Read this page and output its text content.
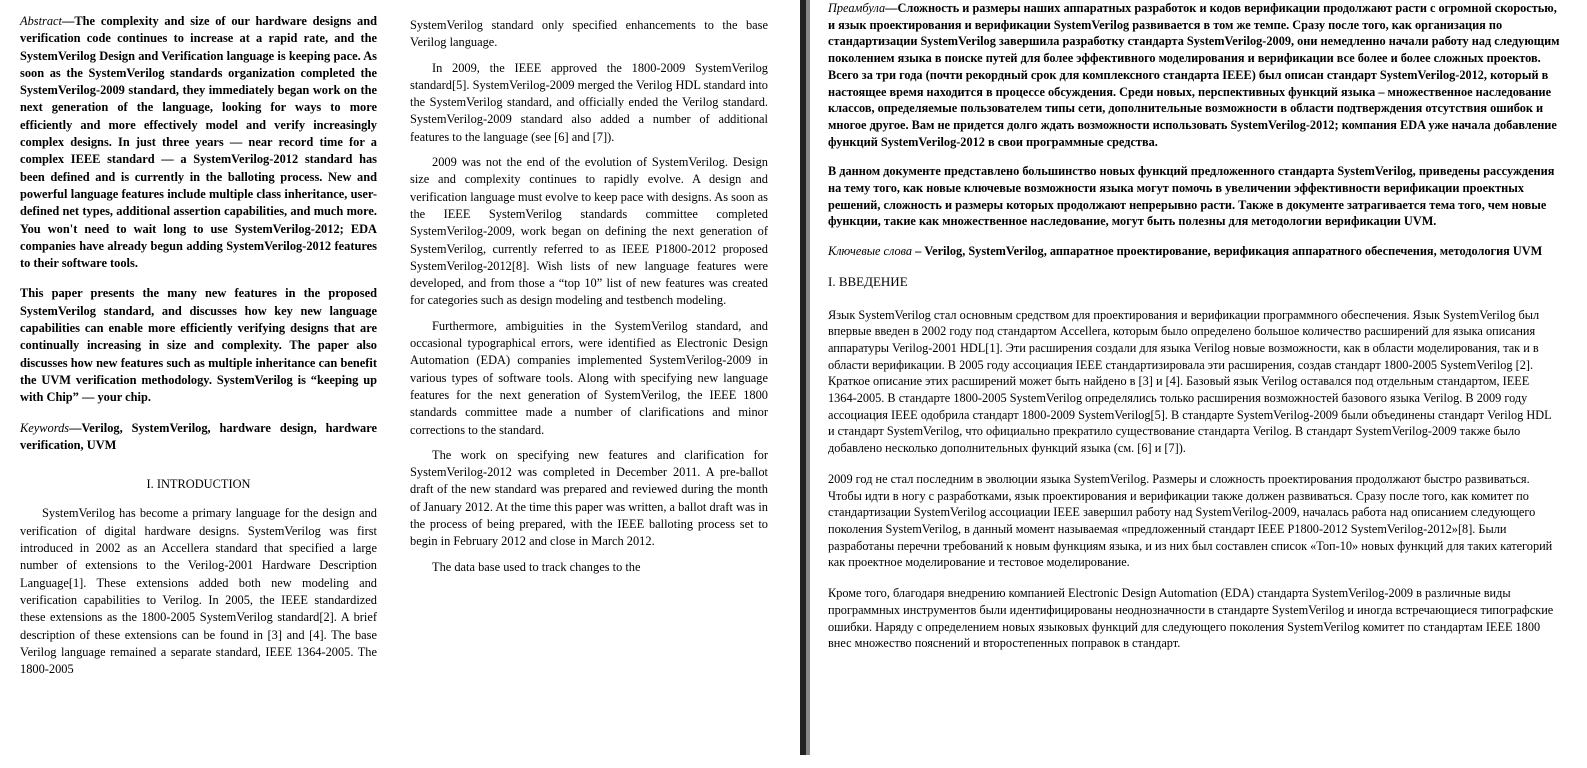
Abstract—The complexity and size of our hardware designs and verification code continues to increase at a rapid rate, and the SystemVerilog Design and Verification language is keeping pace. As soon as the SystemVerilog standards organization completed the SystemVerilog-2009 standard, they immediately began work on the next generation of the language, looking for ways to more efficiently and more effectively model and verify increasingly complex designs. In just three years — near record time for a complex IEEE standard — a SystemVerilog-2012 standard has been defined and is currently in the balloting process. New and powerful language features include multiple class inheritance, user-defined net types, additional assertion capabilities, and much more. You won't need to wait long to use SystemVerilog-2012; EDA companies have already begun adding SystemVerilog-2012 features to their software tools.

This paper presents the many new features in the proposed SystemVerilog standard, and discusses how key new language capabilities can enable more efficiently verifying designs that are continually increasing in size and complexity. The paper also discusses how new features such as multiple inheritance can benefit the UVM verification methodology. SystemVerilog is “keeping up with Chip” — your chip.

Keywords—Verilog, SystemVerilog, hardware design, hardware verification, UVM

I. INTRODUCTION

SystemVerilog has become a primary language for the design and verification of digital hardware designs. SystemVerilog was first introduced in 2002 as an Accellera standard that specified a large number of extensions to the Verilog-2001 Hardware Description Language[1]. These extensions added both new modeling and verification capabilities to Verilog. In 2005, the IEEE standardized these extensions as the 1800-2005 SystemVerilog standard[2]. A brief description of these extensions can be found in [3] and [4]. The base Verilog language remained a separate standard, IEEE 1364-2005. The 1800-2005

SystemVerilog standard only specified enhancements to the base Verilog language.

In 2009, the IEEE approved the 1800-2009 SystemVerilog standard[5]. SystemVerilog-2009 merged the Verilog HDL standard into the SystemVerilog standard, and officially ended the Verilog standard. SystemVerilog-2009 standard also added a number of additional features to the language (see [6] and [7]).

2009 was not the end of the evolution of SystemVerilog. Design size and complexity continues to rapidly evolve. A design and verification language must evolve to keep pace with designs. As soon as the IEEE SystemVerilog standards committee completed SystemVerilog-2009, work began on defining the next generation of SystemVerilog, currently referred to as IEEE P1800-2012 proposed SystemVerilog-2012[8]. Wish lists of new language features were developed, and from those a “top 10” list of new features was created for categories such as design modeling and testbench modeling.

Furthermore, ambiguities in the SystemVerilog standard, and occasional typographical errors, were identified as Electronic Design Automation (EDA) companies implemented SystemVerilog-2009 in various types of software tools. Along with specifying new language features for the next generation of SystemVerilog, the IEEE 1800 standards committee made a number of clarifications and minor corrections to the standard.

The work on specifying new features and clarification for SystemVerilog-2012 was completed in December 2011. A pre-ballot draft of the new standard was prepared and reviewed during the month of January 2012. At the time this paper was written, a ballot draft was in the process of being prepared, with the IEEE balloting process set to begin in February 2012 and close in March 2012.

The data base used to track changes to the

Преамбула—Сложность и размеры наших аппаратных разработок и кодов верификации продолжают расти с огромной скоростью, и язык проектирования и верификации SystemVerilog развивается в том же темпе. Сразу после того, как организация по стандартизации SystemVerilog завершила разработку стандарта SystemVerilog-2009, они немедленно начали работу над следующим поколением языка в поиске путей для более эффективного моделирования и верификации все более и более сложных проектов. Всего за три года (почти рекордный срок для комплексного стандарта IEEE) был описан стандарт SystemVerilog-2012, который в настоящее время находится в процессе обсуждения. Среди новых, перспективных функций языка – множественное наследование классов, определяемые пользователем типы сети, дополнительные возможности в области подтверждения отсутствия ошибок и многое другое. Вам не придется долго ждать возможности использовать SystemVerilog-2012; компания EDA уже начала добавление функций SystemVerilog-2012 в свои программные средства.

В данном документе представлено большинство новых функций предложенного стандарта SystemVerilog, приведены рассуждения на тему того, как новые ключевые возможности языка могут помочь в увеличении эффективности верификации проектных решений, сложность и размеры которых продолжают непрерывно расти. Также в документе затрагивается тема того, чем новые функции, такие как множественное наследование, могут быть полезны для методологии верификации UVM.

Ключевые слова – Verilog, SystemVerilog, аппаратное проектирование, верификация аппаратного обеспечения, методология UVM

I. ВВЕДЕНИЕ

Язык SystemVerilog стал основным средством для проектирования и верификации программного обеспечения. Язык SystemVerilog был впервые введен в 2002 году под стандартом Accellera, которым было определено большое количество расширений для языка описания аппаратуры Verilog-2001 HDL[1]. Эти расширения создали для языка Verilog новые возможности, как в области моделирования, так и в области верификации. В 2005 году ассоциация IEEE стандартизировала эти расширения, создав стандарт 1800-2005 SystemVerilog [2]. Краткое описание этих расширений может быть найдено в [3] и [4]. Базовый язык Verilog оставался под отдельным стандартом, IEEE 1364-2005. В стандарте 1800-2005 SystemVerilog определялись только расширения возможностей базового языка Verilog. В 2009 году ассоциация IEEE одобрила стандарт 1800-2009 SystemVerilog[5]. В стандарте SystemVerilog-2009 были объединены стандарт Verilog HDL и стандарт SystemVerilog, что официально прекратило существование стандарта Verilog. В стандарт SystemVerilog-2009 также было добавлено несколько дополнительных функций языка (см. [6] и [7]).

2009 год не стал последним в эволюции языка SystemVerilog. Размеры и сложность проектирования продолжают быстро развиваться. Чтобы идти в ногу с разработками, язык проектирования и верификации также должен развиваться. Сразу после того, как комитет по стандартизации SystemVerilog ассоциации IEEE завершил работу над SystemVerilog-2009, началась работа над описанием следующего поколения SystemVerilog, в данный момент называемая «предложенный стандарт IEEE P1800-2012 SystemVerilog-2012»[8]. Были разработаны перечни требований к новым функциям языка, и из них был составлен список «Топ-10» новых функций для таких категорий как проектное моделирование и тестовое моделирование.

Кроме того, благодаря внедрению компанией Electronic Design Automation (EDA) стандарта SystemVerilog-2009 в различные виды программных инструментов были идентифицированы неоднозначности в стандарте SystemVerilog и иногда встречающиеся типографские ошибки. Наряду с определением новых языковых функций для следующего поколения SystemVerilog комитет по стандартам IEEE 1800 внес множество пояснений и второстепенных поправок в стандарт.
